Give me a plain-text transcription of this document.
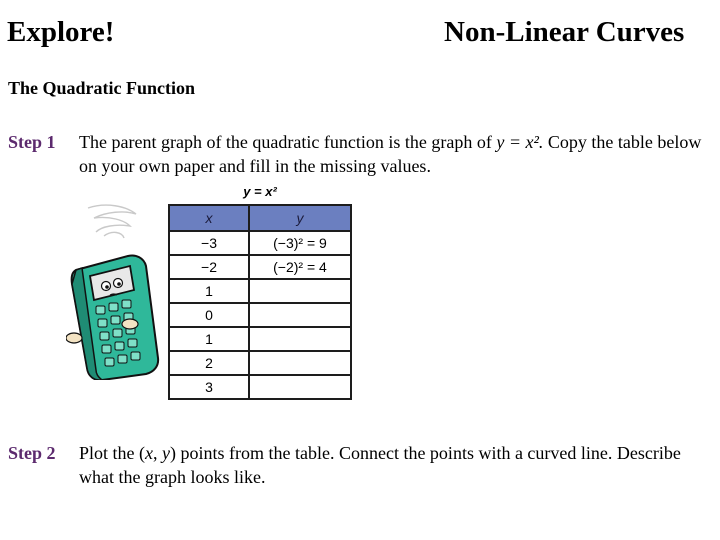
Explore!	Non-Linear Curves
The Quadratic Function
Step 1 The parent graph of the quadratic function is the graph of y = x². Copy the table below on your own paper and fill in the missing values.
y = x²
x	y
−3	(−3)² = 9
−2	(−2)² = 4
1	
0	
1	
2	
3	
Step 2 Plot the (x, y) points from the table. Connect the points with a curved line. Describe what the graph looks like.
